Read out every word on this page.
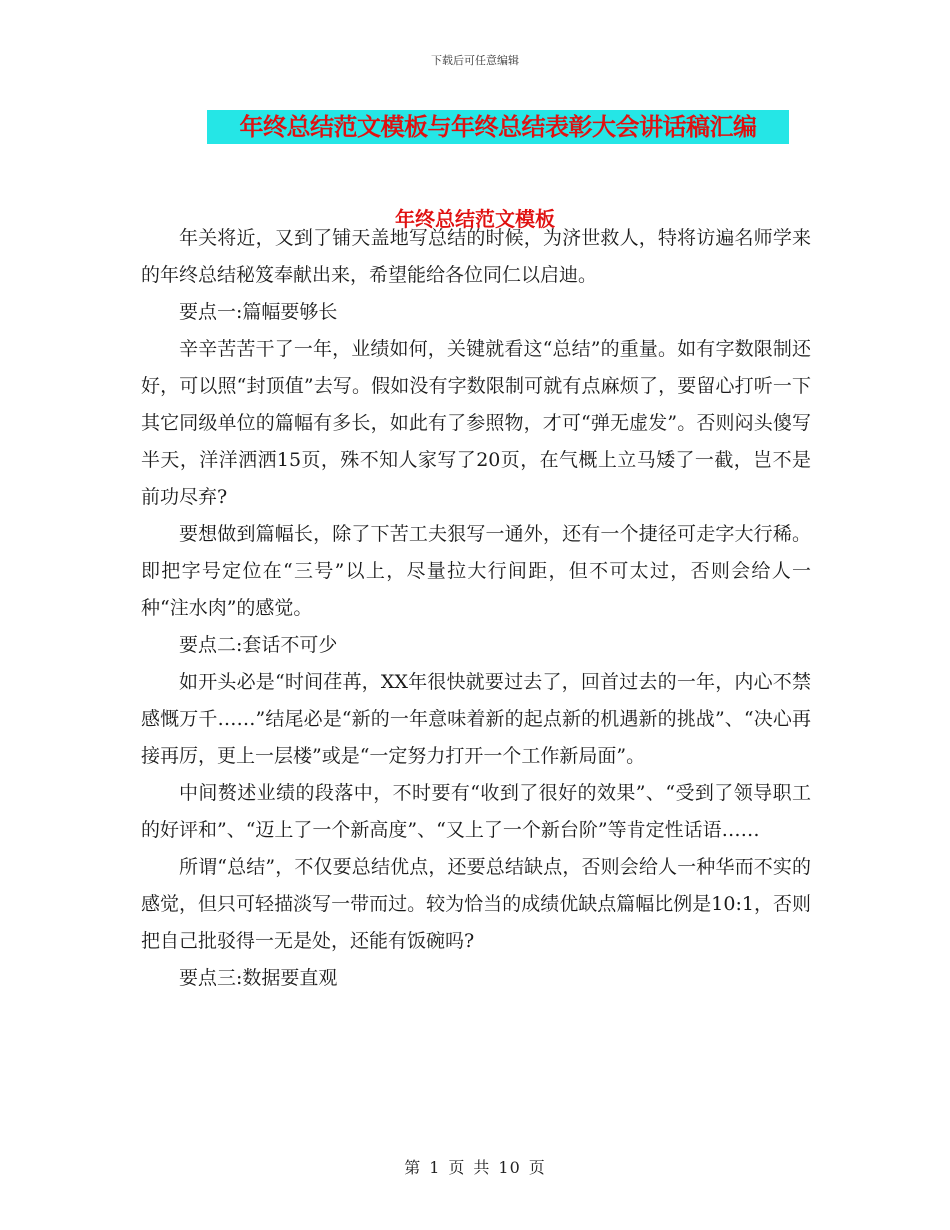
下载后可任意编辑
年终总结范文模板与年终总结表彰大会讲话稿汇编
年终总结范文模板

年关将近，又到了铺天盖地写总结的时候，为济世救人，特将访遍名师学来的年终总结秘笈奉献出来，希望能给各位同仁以启迪。

要点一:篇幅要够长

辛辛苦苦干了一年，业绩如何，关键就看这“总结”的重量。如有字数限制还好，可以照“封顶值”去写。假如没有字数限制可就有点麻烦了，要留心打听一下其它同级单位的篇幅有多长，如此有了参照物，才可“弹无虚发”。否则闷头傻写半天，洋洋洒洒15页，殊不知人家写了20页，在气概上立马矮了一截，岂不是前功尽弃?

要想做到篇幅长，除了下苦工夫狠写一通外，还有一个捷径可走字大行稀。即把字号定位在“三号”以上，尽量拉大行间距，但不可太过，否则会给人一种“注水肉”的感觉。

要点二:套话不可少

如开头必是“时间荏苒，XX年很快就要过去了，回首过去的一年，内心不禁感慨万千……”结尾必是“新的一年意味着新的起点新的机遇新的挑战”、“决心再接再厉，更上一层楼”或是“一定努力打开一个工作新局面”。

中间赘述业绩的段落中，不时要有“收到了很好的效果”、“受到了领导职工的好评和”、“迈上了一个新高度”、“又上了一个新台阶”等肯定性话语……

所谓“总结”，不仅要总结优点，还要总结缺点，否则会给人一种华而不实的感觉，但只可轻描淡写一带而过。较为恰当的成绩优缺点篇幅比例是10:1，否则把自己批驳得一无是处，还能有饭碗吗?

要点三:数据要直观

第 1 页 共 10 页
